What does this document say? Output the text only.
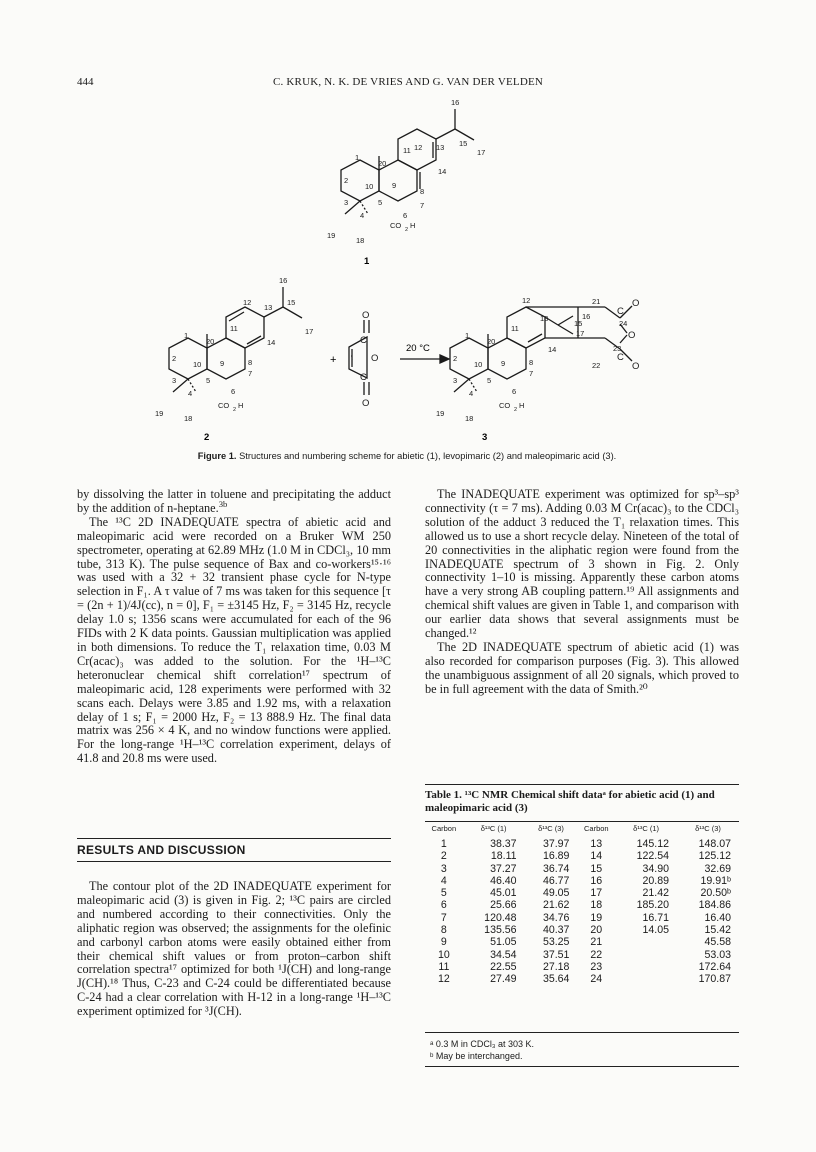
444	C. KRUK, N. K. DE VRIES AND G. VAN DER VELDEN
2
3
4
5
10
1
20
9
6
7
8
11 12 13
14
15
16
17
19
18
CO 2 H
2
3
4
5
10
1
20
9
6
7
8
11
12
13
14
15
16
17
19
18
CO 2 H
2
3
4
5
10
1
20
9
6
7
8
11
12
13
14
15
16
17
21
22
23
24
19
18
CO 2 H
O
C
\ O
C
O
C
O
O
C
O
1
2	3
20 °C
+
Figure 1. Structures and numbering scheme for abietic (1), levopimaric (2) and maleopimaric acid (3).

by dissolving the latter in toluene and precipitating the adduct by the addition of n-heptane.$^{3b}$

The ¹³C 2D INADEQUATE spectra of abietic acid and maleopimaric acid were recorded on a Bruker WM 250 spectrometer, operating at 62.89 MHz (1.0 M in CDCl₃, 10 mm tube, 313 K). The pulse sequence of Bax and co-workers¹⁵·¹⁶ was used with a 32 + 32 transient phase cycle for N-type selection in F₁. A τ value of 7 ms was taken for this sequence [τ = (2n + 1)/4J(cc), n = 0], F₁ = ±3145 Hz, F₂ = 3145 Hz, recycle delay 1.0 s; 1356 scans were accumulated for each of the 96 FIDs with 2 K data points. Gaussian multiplication was applied in both dimensions. To reduce the T₁ relaxation time, 0.03 M Cr(acac)₃ was added to the solution. For the ¹H–¹³C heteronuclear chemical shift correlation¹⁷ spectrum of maleopimaric acid, 128 experiments were performed with 32 scans each. Delays were 3.85 and 1.92 ms, with a relaxation delay of 1 s; F₁ = 2000 Hz, F₂ = 13 888.9 Hz. The final data matrix was 256 × 4 K, and no window functions were applied. For the long-range ¹H–¹³C correlation experiment, delays of 41.8 and 20.8 ms were used.

RESULTS AND DISCUSSION

The contour plot of the 2D INADEQUATE experiment for maleopimaric acid (3) is given in Fig. 2; ¹³C pairs are circled and numbered according to their connectivities. Only the aliphatic region was observed; the assignments for the olefinic and carbonyl carbon atoms were easily obtained either from their chemical shift values or from proton–carbon shift correlation spectra¹⁷ optimized for both ¹J(CH) and long-range J(CH).¹⁸ Thus, C-23 and C-24 could be differentiated because C-24 had a clear correlation with H-12 in a long-range ¹H–¹³C experiment optimized for ³J(CH).

The INADEQUATE experiment was optimized for sp³–sp³ connectivity (τ = 7 ms). Adding 0.03 M Cr(acac)₃ to the CDCl₃ solution of the adduct 3 reduced the T₁ relaxation times. This allowed us to use a short recycle delay. Nineteen of the total of 20 connectivities in the aliphatic region were found from the INADEQUATE spectrum of 3 shown in Fig. 2. Only connectivity 1–10 is missing. Apparently these carbon atoms have a very strong AB coupling pattern.¹⁹ All assignments and chemical shift values are given in Table 1, and comparison with our earlier data shows that several assignments must be changed.¹²

The 2D INADEQUATE spectrum of abietic acid (1) was also recorded for comparison purposes (Fig. 3). This allowed the unambiguous assignment of all 20 signals, which proved to be in full agreement with the data of Smith.²⁰

Table 1. ¹³C NMR Chemical shift dataᵃ for abietic acid (1) and maleopimaric acid (3)
Carbon	δ¹³C (1)	δ¹³C (3)	Carbon	δ¹³C (1)	δ¹³C (3)
1	38.37	37.97	13	145.12	148.07
2	18.11	16.89	14	122.54	125.12
3	37.27	36.74	15	34.90	32.69
4	46.40	46.77	16	20.89	19.91ᵇ
5	45.01	49.05	17	21.42	20.50ᵇ
6	25.66	21.62	18	185.20	184.86
7	120.48	34.76	19	16.71	16.40
8	135.56	40.37	20	14.05	15.42
9	51.05	53.25	21		45.58
10	34.54	37.51	22		53.03
11	22.55	27.18	23		172.64
12	27.49	35.64	24		170.87
ᵃ 0.3 M in CDCl₃ at 303 K.
ᵇ May be interchanged.
